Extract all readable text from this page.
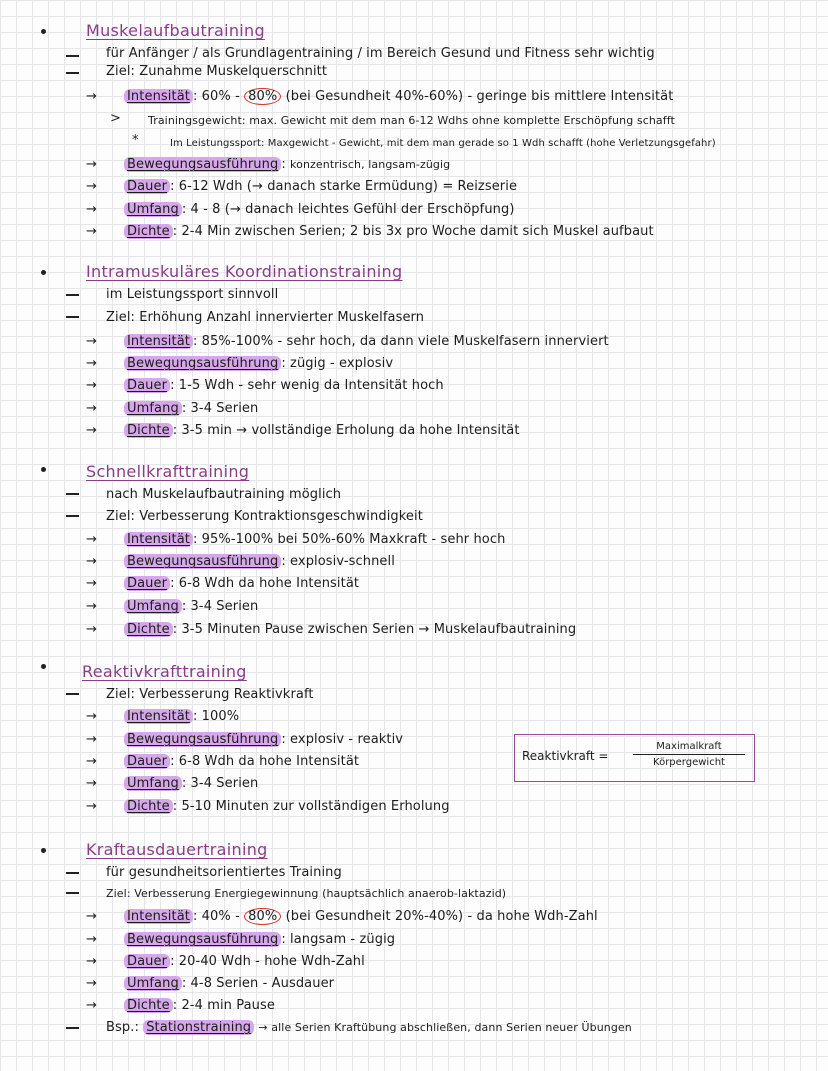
Muskelaufbautraining
für Anfänger / als Grundlagentraining / im Bereich Gesund und Fitness sehr wichtig
Ziel: Zunahme Muskelquerschnitt
→ Intensität : 60% - 80% (bei Gesundheit 40%-60%) - geringe bis mittlere Intensität
> Trainingsgewicht: max. Gewicht mit dem man 6-12 Wdhs ohne komplette Erschöpfung schafft
*	Im Leistungssport: Maxgewicht - Gewicht, mit dem man gerade so 1 Wdh schafft (hohe Verletzungsgefahr)
→ Bewegungsausführung : konzentrisch, langsam-zügig
→ Dauer : 6-12 Wdh (→ danach starke Ermüdung) = Reizserie
→ Umfang : 4 - 8 (→ danach leichtes Gefühl der Erschöpfung)
→ Dichte : 2-4 Min zwischen Serien; 2 bis 3x pro Woche damit sich Muskel aufbaut
Intramuskuläres Koordinationstraining
im Leistungssport sinnvoll
Ziel: Erhöhung Anzahl innervierter Muskelfasern
→ Intensität : 85%-100% - sehr hoch, da dann viele Muskelfasern innerviert
→ Bewegungsausführung : zügig - explosiv
→ Dauer : 1-5 Wdh - sehr wenig da Intensität hoch
→ Umfang : 3-4 Serien
→ Dichte : 3-5 min → vollständige Erholung da hohe Intensität
Schnellkrafttraining
nach Muskelaufbautraining möglich
Ziel: Verbesserung Kontraktionsgeschwindigkeit
→ Intensität : 95%-100% bei 50%-60% Maxkraft - sehr hoch
→ Bewegungsausführung : explosiv-schnell
→ Dauer : 6-8 Wdh da hohe Intensität
→ Umfang : 3-4 Serien
→ Dichte : 3-5 Minuten Pause zwischen Serien → Muskelaufbautraining
Reaktivkrafttraining
Ziel: Verbesserung Reaktivkraft
→ Intensität : 100%
→ Bewegungsausführung : explosiv - reaktiv
→ Dauer : 6-8 Wdh da hohe Intensität
→ Umfang : 3-4 Serien
→ Dichte : 5-10 Minuten zur vollständigen Erholung
Reaktivkraft =
Maximalkraft
Körpergewicht
Kraftausdauertraining
für gesundheitsorientiertes Training
Ziel: Verbesserung Energiegewinnung (hauptsächlich anaerob-laktazid)
→ Intensität : 40% - 80% (bei Gesundheit 20%-40%) - da hohe Wdh-Zahl
→ Bewegungsausführung : langsam - zügig
→ Dauer : 20-40 Wdh - hohe Wdh-Zahl
→ Umfang : 4-8 Serien - Ausdauer
→ Dichte : 2-4 min Pause
Bsp.: Stationstraining → alle Serien Kraftübung abschließen, dann Serien neuer Übungen
